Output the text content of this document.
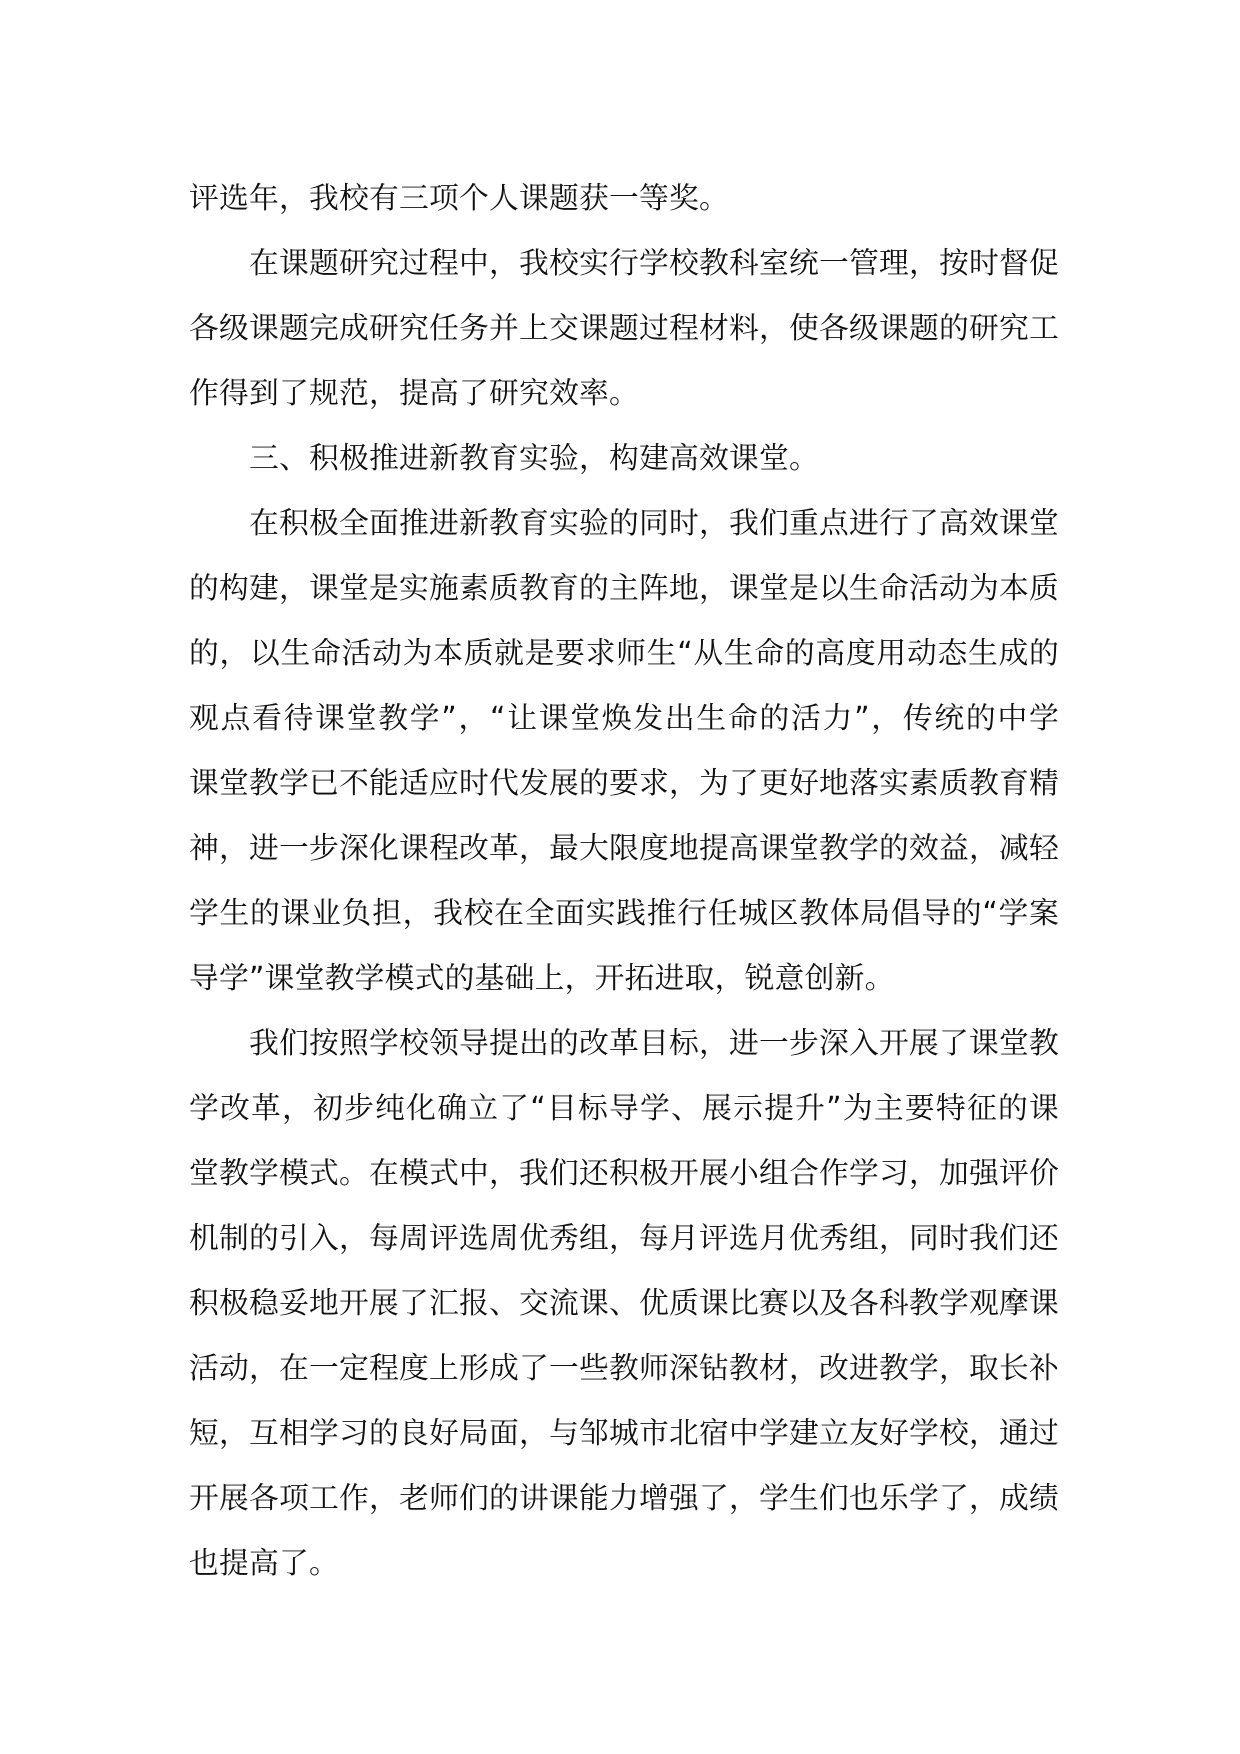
评选年，我校有三项个人课题获一等奖。
在课题研究过程中，我校实行学校教科室统一管理，按时督促
各级课题完成研究任务并上交课题过程材料，使各级课题的研究工
作得到了规范，提高了研究效率。
三、积极推进新教育实验，构建高效课堂。
在积极全面推进新教育实验的同时，我们重点进行了高效课堂
的构建，课堂是实施素质教育的主阵地，课堂是以生命活动为本质
的，以生命活动为本质就是要求师生“从生命的高度用动态生成的
观点看待课堂教学”，“让课堂焕发出生命的活力”，传统的中学
课堂教学已不能适应时代发展的要求，为了更好地落实素质教育精
神，进一步深化课程改革，最大限度地提高课堂教学的效益，减轻
学生的课业负担，我校在全面实践推行任城区教体局倡导的“学案
导学”课堂教学模式的基础上，开拓进取，锐意创新。
我们按照学校领导提出的改革目标，进一步深入开展了课堂教
学改革，初步纯化确立了“目标导学、展示提升”为主要特征的课
堂教学模式。在模式中，我们还积极开展小组合作学习，加强评价
机制的引入，每周评选周优秀组，每月评选月优秀组，同时我们还
积极稳妥地开展了汇报、交流课、优质课比赛以及各科教学观摩课
活动，在一定程度上形成了一些教师深钻教材，改进教学，取长补
短，互相学习的良好局面，与邹城市北宿中学建立友好学校，通过
开展各项工作，老师们的讲课能力增强了，学生们也乐学了，成绩
也提高了。
